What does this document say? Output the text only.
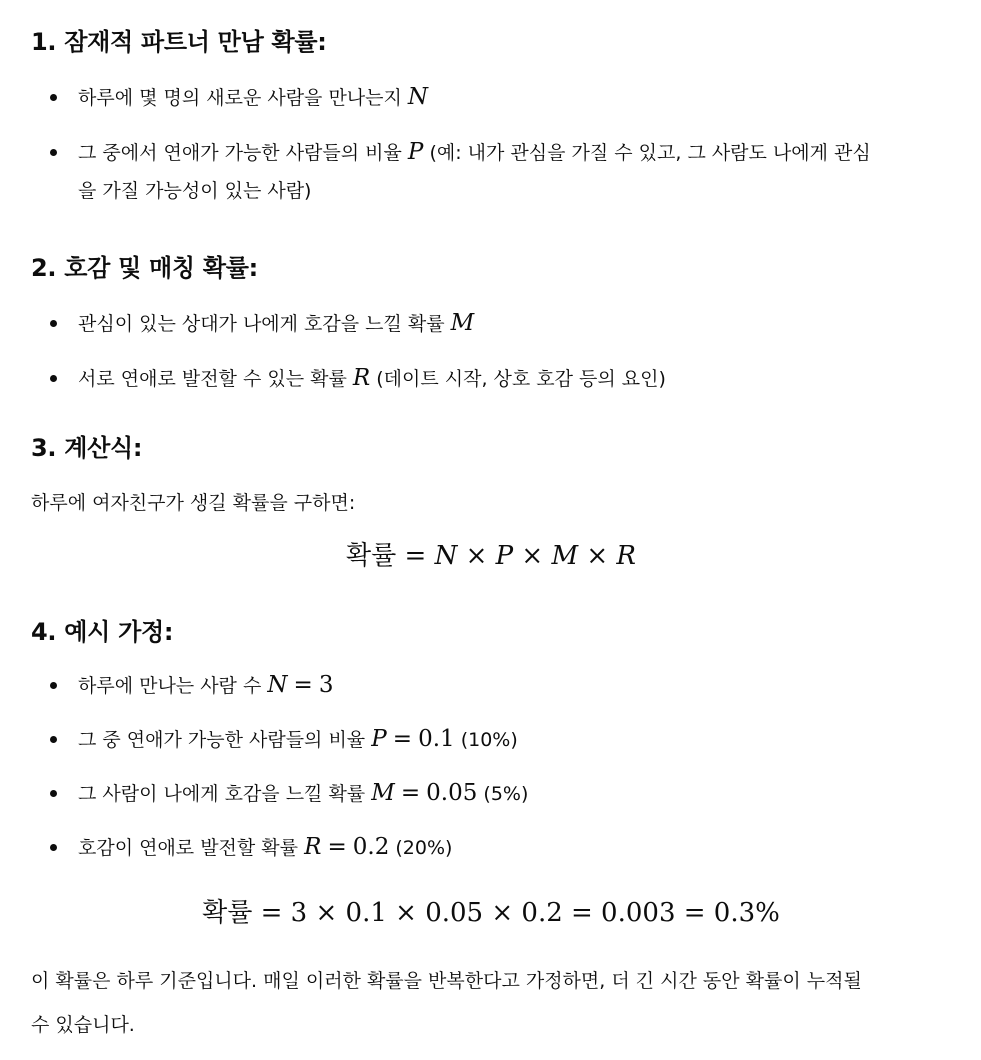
1. 잠재적 파트너 만남 확률:
하루에 몇 명의 새로운 사람을 만나는지 N
그 중에서 연애가 가능한 사람들의 비율 P (예: 내가 관심을 가질 수 있고, 그 사람도 나에게 관심
을 가질 가능성이 있는 사람)
2. 호감 및 매칭 확률:
관심이 있는 상대가 나에게 호감을 느낄 확률 M
서로 연애로 발전할 수 있는 확률 R (데이트 시작, 상호 호감 등의 요인)
3. 계산식:

하루에 여자친구가 생길 확률을 구하면:

확률 = N × P × M × R
4. 예시 가정:
하루에 만나는 사람 수 N = 3
그 중 연애가 가능한 사람들의 비율 P = 0.1 (10%)
그 사람이 나에게 호감을 느낄 확률 M = 0.05 (5%)
호감이 연애로 발전할 확률 R = 0.2 (20%)
확률 = 3 × 0.1 × 0.05 × 0.2 = 0.003 = 0.3%

이 확률은 하루 기준입니다. 매일 이러한 확률을 반복한다고 가정하면, 더 긴 시간 동안 확률이 누적될

수 있습니다.
